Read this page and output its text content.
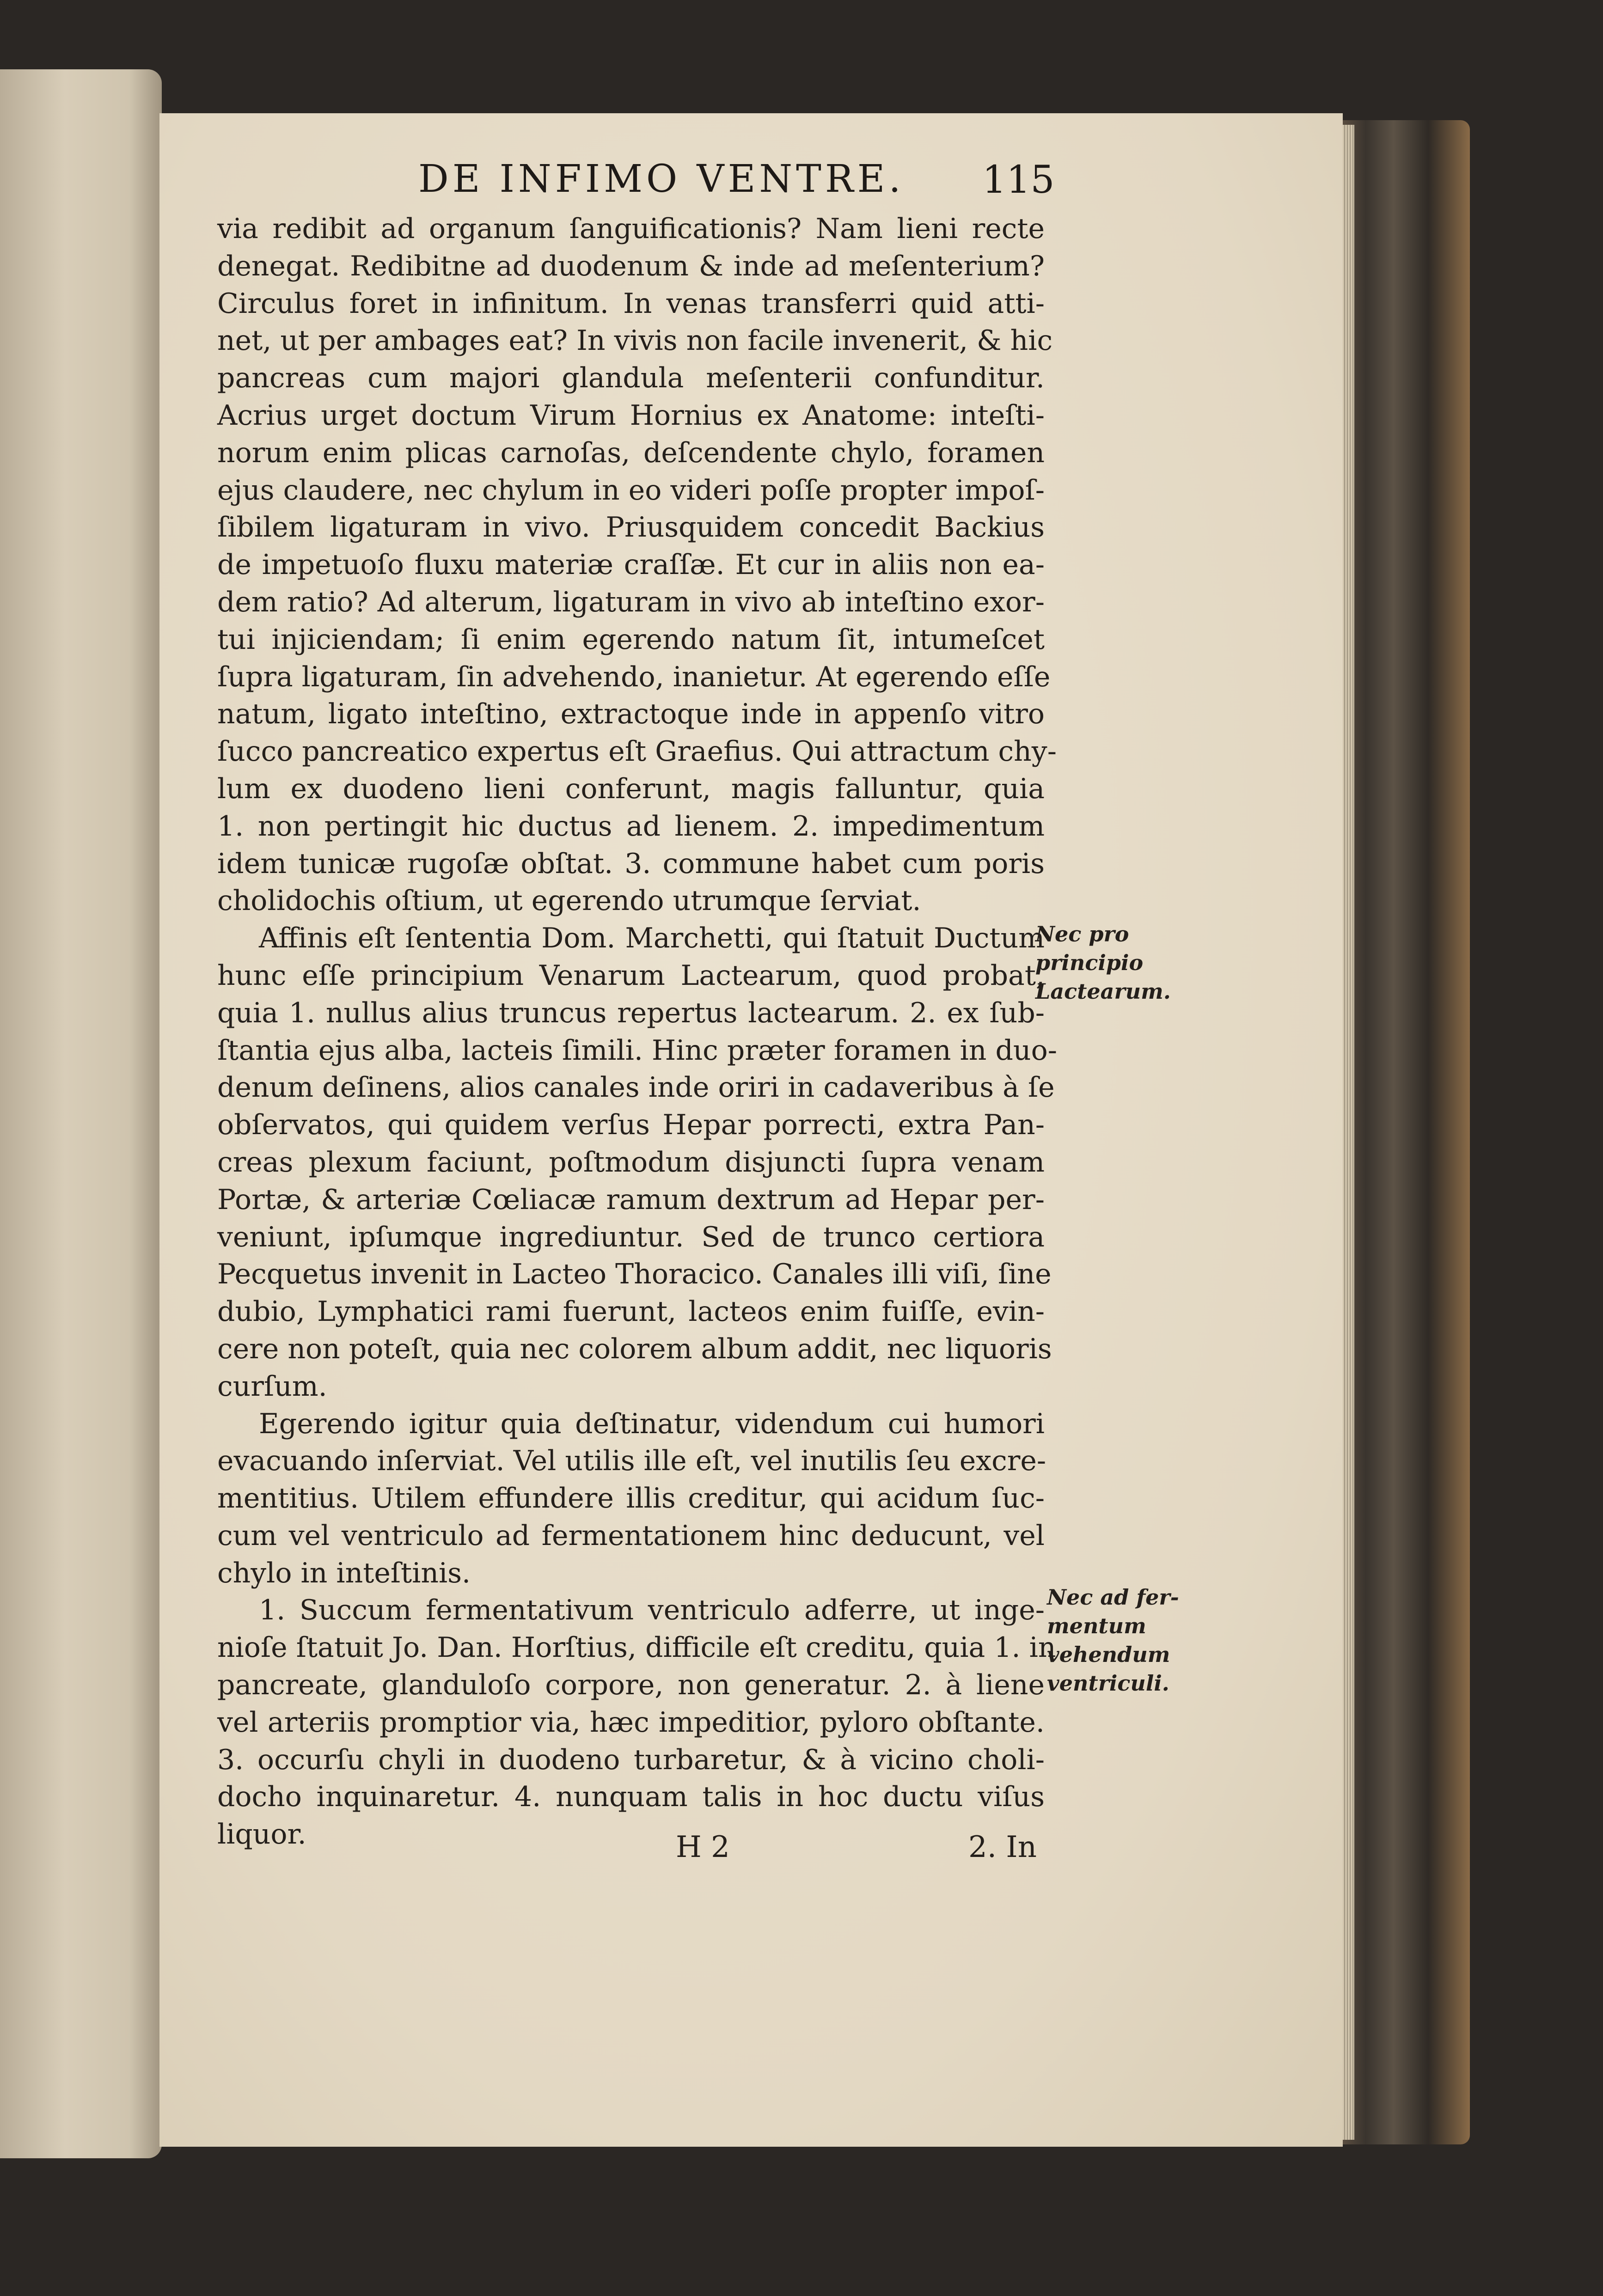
DE INFIMO VENTRE.	115
via redibit ad organum ſanguificationis? Nam lieni recte
denegat. Redibitne ad duodenum & inde ad meſenterium?
Circulus foret in infinitum. In venas transferri quid atti-
net, ut per ambages eat? In vivis non facile invenerit, & hic
pancreas cum majori glandula meſenterii confunditur.
Acrius urget doctum Virum Hornius ex Anatome: inteſti-
norum enim plicas carnoſas, deſcendente chylo, foramen
ejus claudere, nec chylum in eo videri poſſe propter impoſ-
ſibilem ligaturam in vivo. Priusquidem concedit Backius
de impetuoſo fluxu materiæ craſſæ. Et cur in aliis non ea-
dem ratio? Ad alterum, ligaturam in vivo ab inteſtino exor-
tui injiciendam; ſi enim egerendo natum ſit, intumeſcet
ſupra ligaturam, ſin advehendo, inanietur. At egerendo eſſe
natum, ligato inteſtino, extractoque inde in appenſo vitro
ſucco pancreatico expertus eſt Graefius. Qui attractum chy-
lum ex duodeno lieni conferunt, magis falluntur, quia
1. non pertingit hic ductus ad lienem. 2. impedimentum
idem tunicæ rugoſæ obſtat. 3. commune habet cum poris
cholidochis oſtium, ut egerendo utrumque ſerviat.
Affinis eſt ſententia Dom. Marchetti, qui ſtatuit Ductum
hunc eſſe principium Venarum Lactearum, quod probat,
quia 1. nullus alius truncus repertus lactearum. 2. ex ſub-
ſtantia ejus alba, lacteis ſimili. Hinc præter foramen in duo-
denum deſinens, alios canales inde oriri in cadaveribus à ſe
obſervatos, qui quidem verſus Hepar porrecti, extra Pan-
creas plexum faciunt, poſtmodum disjuncti ſupra venam
Portæ, & arteriæ Cœliacæ ramum dextrum ad Hepar per-
veniunt, ipſumque ingrediuntur. Sed de trunco certiora
Pecquetus invenit in Lacteo Thoracico. Canales illi viſi, ſine
dubio, Lymphatici rami fuerunt, lacteos enim fuiſſe, evin-
cere non poteſt, quia nec colorem album addit, nec liquoris
curſum.
Egerendo igitur quia deſtinatur, videndum cui humori
evacuando inſerviat. Vel utilis ille eſt, vel inutilis ſeu excre-
mentitius. Utilem effundere illis creditur, qui acidum ſuc-
cum vel ventriculo ad fermentationem hinc deducunt, vel
chylo in inteſtinis.
1. Succum fermentativum ventriculo adferre, ut inge-
nioſe ſtatuit Jo. Dan. Horſtius, difficile eſt creditu, quia 1. in
pancreate, glanduloſo corpore, non generatur. 2. à liene
vel arteriis promptior via, hæc impeditior, pyloro obſtante.
3. occurſu chyli in duodeno turbaretur, & à vicino choli-
docho inquinaretur. 4. nunquam talis in hoc ductu viſus
liquor.
Nec pro
principio
Lactearum.
Nec ad fer-
mentum
vehendum
ventriculi.
H 2	2. In
